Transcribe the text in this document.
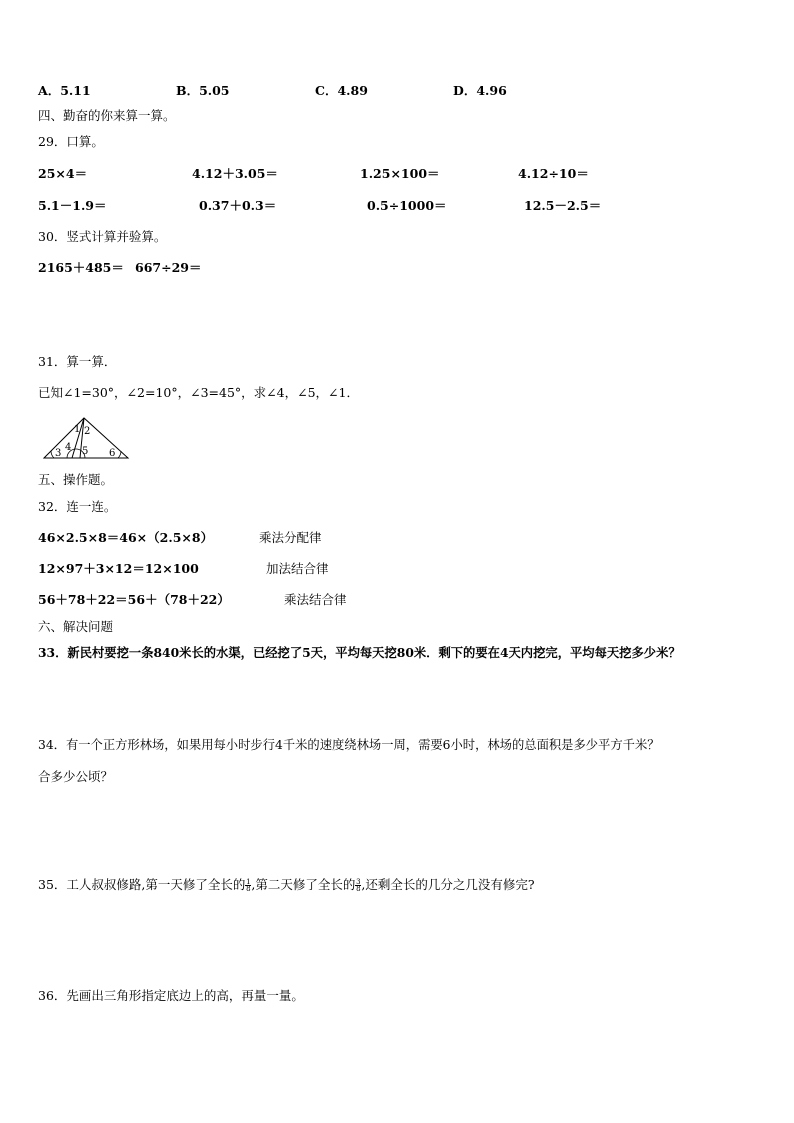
A．5.11	B．5.05	C．4.89	D．4.96
四、勤奋的你来算一算。
29．口算。
25×4＝	4.12＋3.05＝	1.25×100＝	4.12÷10＝
5.1－1.9＝	0.37＋0.3＝	0.5÷1000＝	12.5－2.5＝
30．竖式计算并验算。
2165＋485＝ 667÷29＝
31．算一算．
已知∠1=30°，∠2=10°，∠3=45°，求∠4，∠5，∠1．
1 2
3
4 5 6
五、操作题。
32．连一连。
46×2.5×8＝46×（2.5×8）	乘法分配律
12×97＋3×12＝12×100	加法结合律
56＋78＋22＝56＋（78＋22）	乘法结合律
六、解决问题
33．新民村要挖一条840米长的水渠，已经挖了5天，平均每天挖80米．剩下的要在4天内挖完，平均每天挖多少米？
34．有一个正方形林场，如果用每小时步行4千米的速度绕林场一周，需要6小时，林场的总面积是多少平方千米？
合多少公顷？
35．工人叔叔修路,第一天修了全长的$\frac{1}{8}$ ,第二天修了全长的$\frac{3}{8}$ ,还剩全长的几分之几没有修完?
36．先画出三角形指定底边上的高，再量一量。
